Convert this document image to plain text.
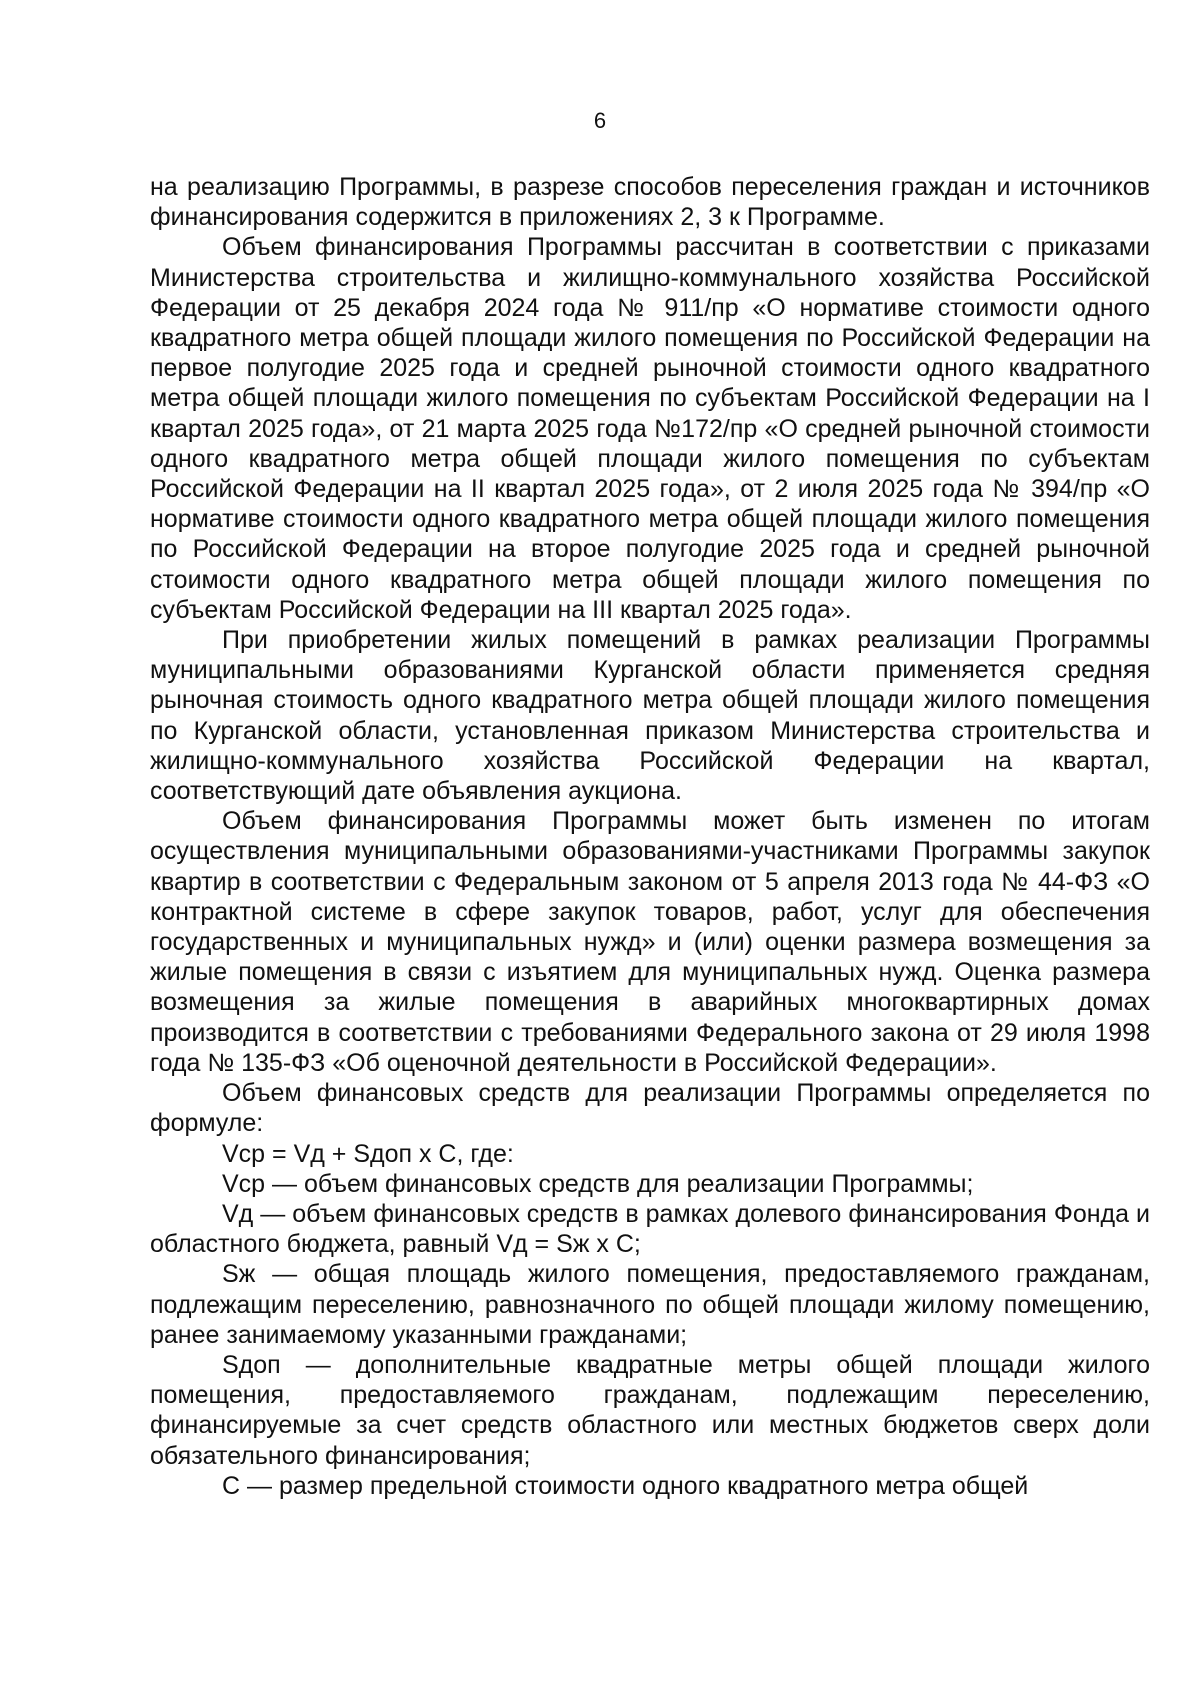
6

на реализацию Программы, в разрезе способов переселения граждан и источников финансирования содержится в приложениях 2, 3 к Программе.

Объем финансирования Программы рассчитан в соответствии с приказами Министерства строительства и жилищно-коммунального хозяйства Российской Федерации от 25 декабря 2024 года № 911/пр «О нормативе стоимости одного квадратного метра общей площади жилого помещения по Российской Федерации на первое полугодие 2025 года и средней рыночной стоимости одного квадратного метра общей площади жилого помещения по субъектам Российской Федерации на I квартал 2025 года», от 21 марта 2025 года №172/пр «О средней рыночной стоимости одного квадратного метра общей площади жилого помещения по субъектам Российской Федерации на II квартал 2025 года», от 2 июля 2025 года № 394/пр «О нормативе стоимости одного квадратного метра общей площади жилого помещения по Российской Федерации на второе полугодие 2025 года и средней рыночной стоимости одного квадратного метра общей площади жилого помещения по субъектам Российской Федерации на III квартал 2025 года».

При приобретении жилых помещений в рамках реализации Программы муниципальными образованиями Курганской области применяется средняя рыночная стоимость одного квадратного метра общей площади жилого помещения по Курганской области, установленная приказом Министерства строительства и жилищно-коммунального хозяйства Российской Федерации на квартал, соответствующий дате объявления аукциона.

Объем финансирования Программы может быть изменен по итогам осуществления муниципальными образованиями-участниками Программы закупок квартир в соответствии с Федеральным законом от 5 апреля 2013 года № 44-ФЗ «О контрактной системе в сфере закупок товаров, работ, услуг для обеспечения государственных и муниципальных нужд» и (или) оценки размера возмещения за жилые помещения в связи с изъятием для муниципальных нужд. Оценка размера возмещения за жилые помещения в аварийных многоквартирных домах производится в соответствии с требованиями Федерального закона от 29 июля 1998 года № 135-ФЗ «Об оценочной деятельности в Российской Федерации».

Объем финансовых средств для реализации Программы определяется по формуле:

Vср = Vд + Sдоп х С, где:

Vср — объем финансовых средств для реализации Программы;

Vд — объем финансовых средств в рамках долевого финансирования Фонда и областного бюджета, равный Vд = Sж х С;

Sж — общая площадь жилого помещения, предоставляемого гражданам, подлежащим переселению, равнозначного по общей площади жилому помещению, ранее занимаемому указанными гражданами;

Sдоп — дополнительные квадратные метры общей площади жилого помещения, предоставляемого гражданам, подлежащим переселению, финансируемые за счет средств областного или местных бюджетов сверх доли обязательного финансирования;

С — размер предельной стоимости одного квадратного метра общей
